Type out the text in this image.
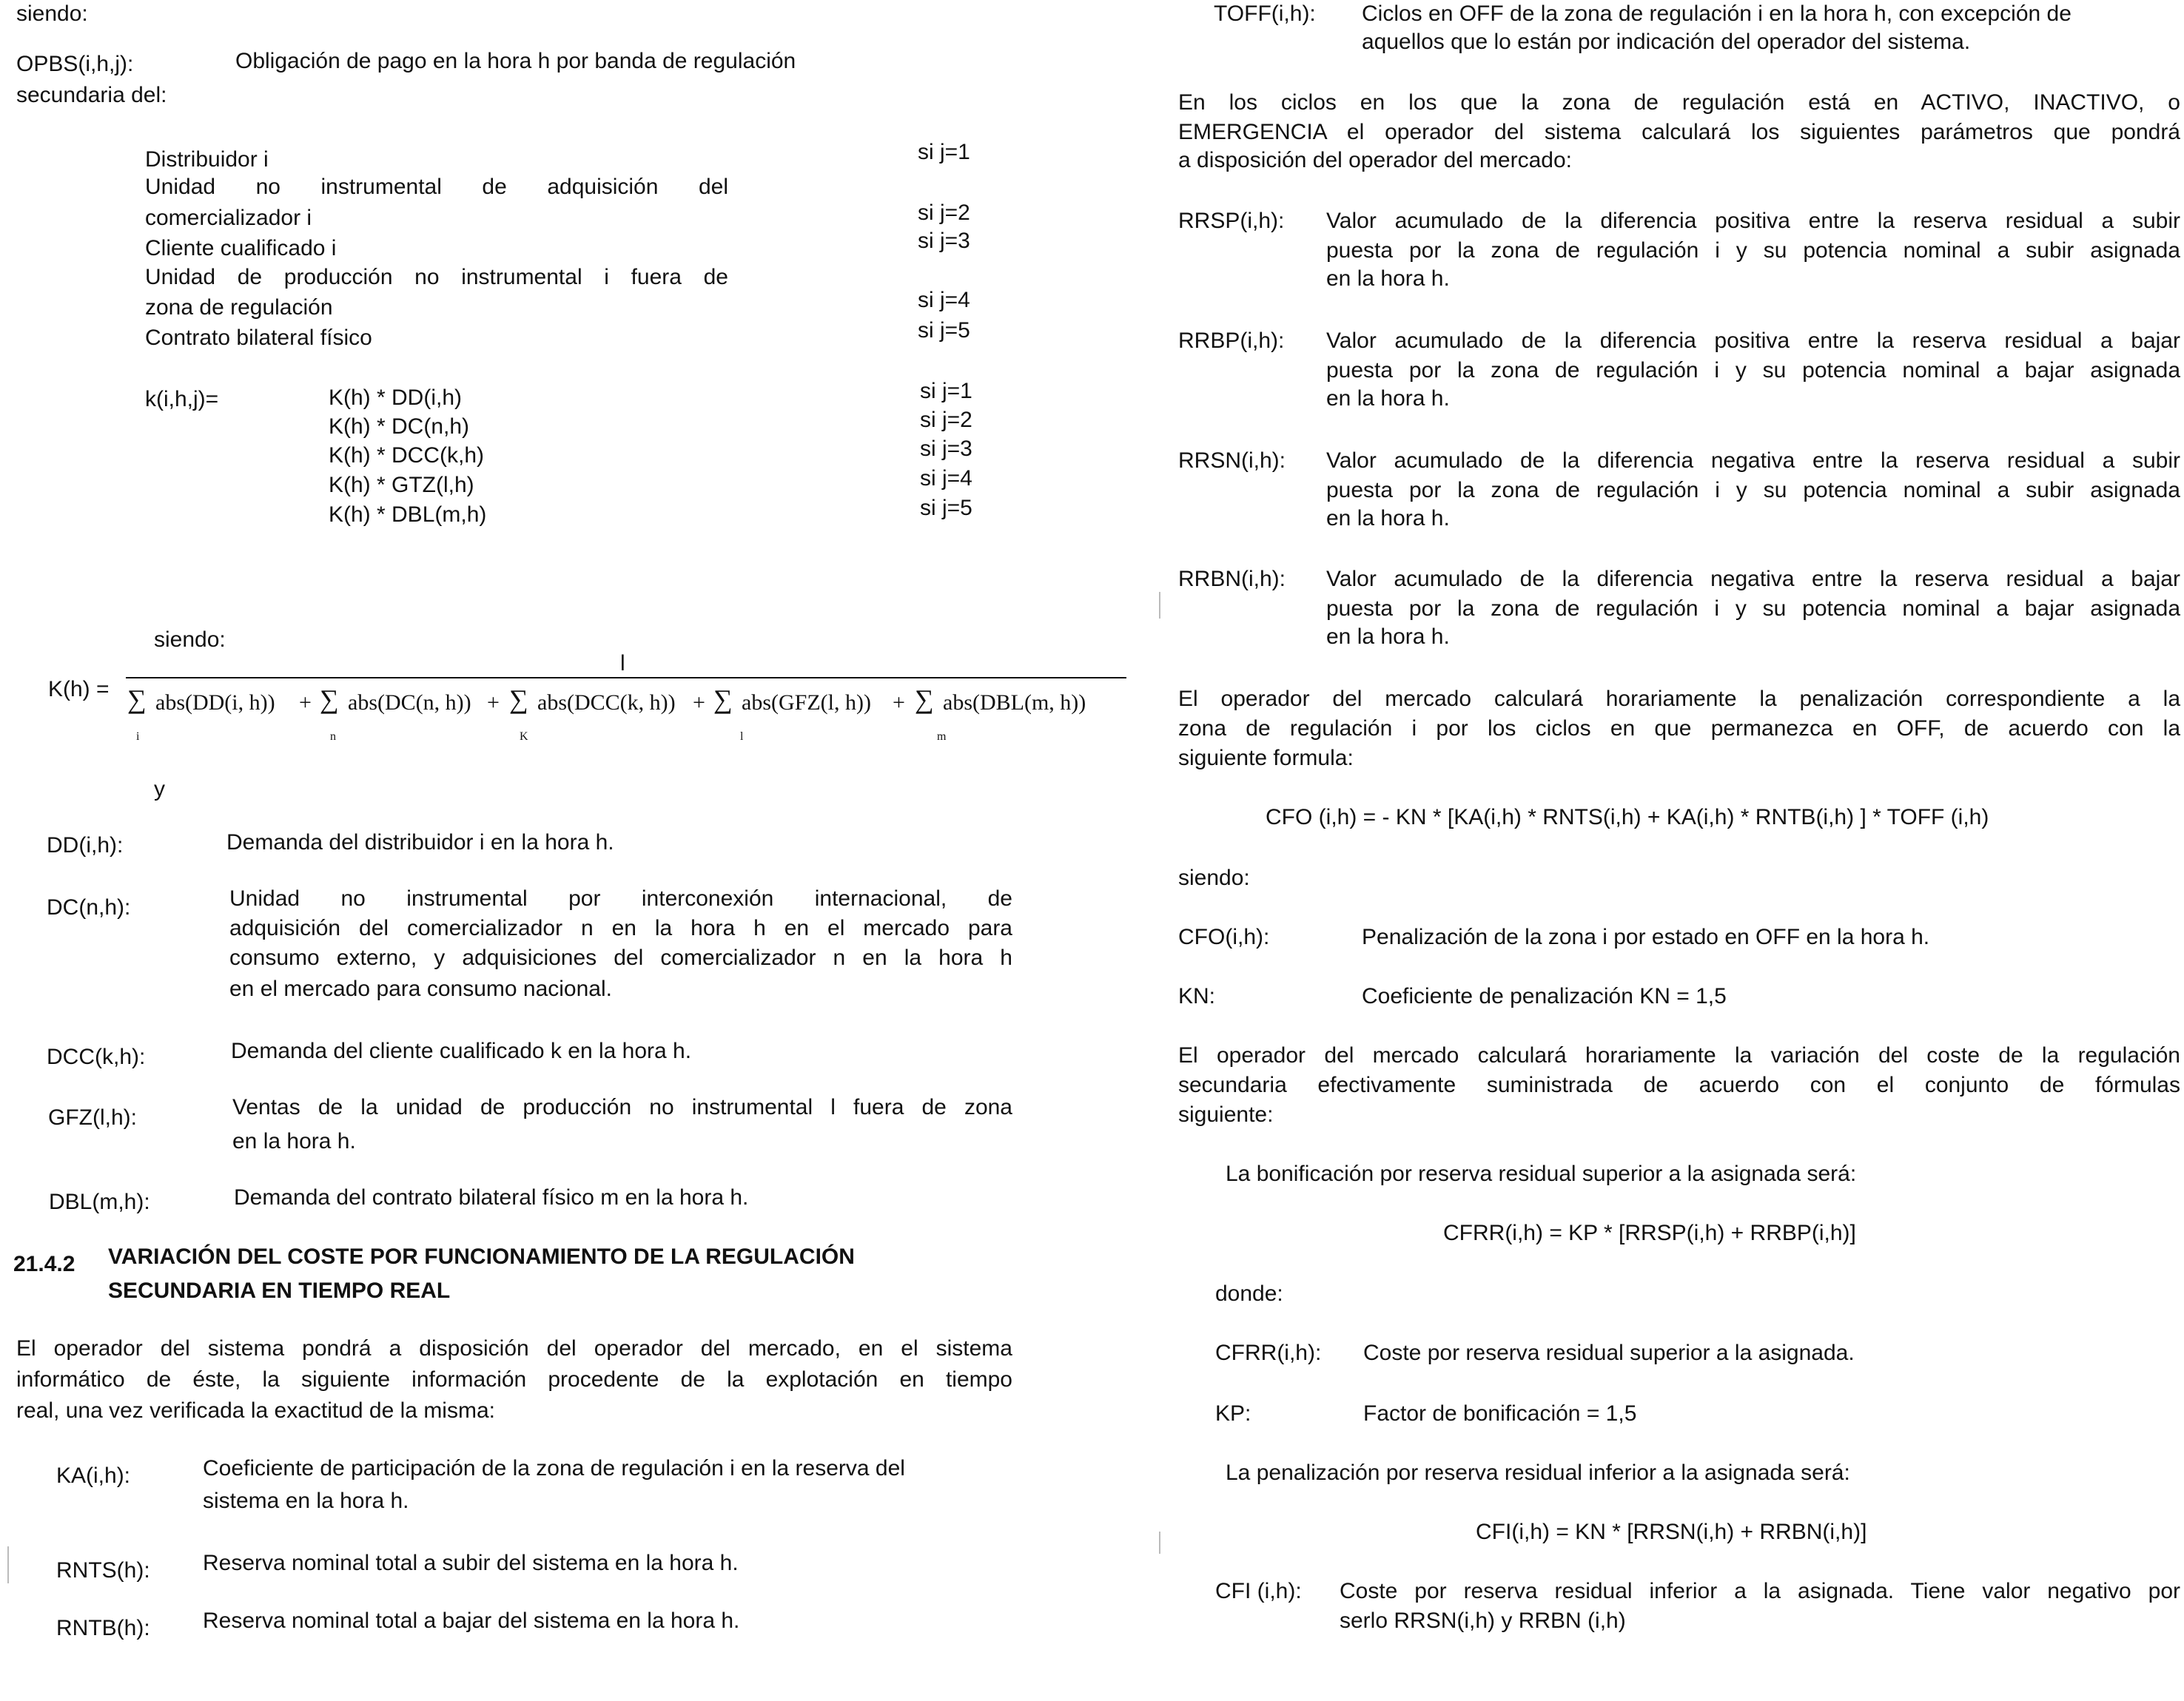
siendo:
OPBS(i,h,j):	Obligación de pago en la hora h por banda de regulación
secundaria del:
Distribuidor i	si j=1
Unidad no instrumental de adquisición del
comercializador i	si j=2
Cliente cualificado i	si j=3
Unidad de producción no instrumental i fuera de
zona de regulación	si j=4
Contrato bilateral físico	si j=5
k(i,h,j)=	K(h) * DD(i,h)	si j=1
K(h) * DC(n,h)	si j=2
K(h) * DCC(k,h)	si j=3
K(h) * GTZ(l,h)	si j=4
K(h) * DBL(m,h)	si j=5
siendo:
K(h) =
l
∑ abs(DD(i, h)) +
i
∑ abs(DC(n, h)) +
n
∑ abs(DCC(k, h)) +
K
∑ abs(GFZ(l, h)) +
l
∑ abs(DBL(m, h))
m
y
DD(i,h):	Demanda del distribuidor i en la hora h.
DC(n,h):	Unidad no instrumental por interconexión internacional, de
adquisición del comercializador n en la hora h en el mercado para
consumo externo, y adquisiciones del comercializador n en la hora h
en el mercado para consumo nacional.
DCC(k,h):	Demanda del cliente cualificado k en la hora h.
GFZ(l,h):	Ventas de la unidad de producción no instrumental l fuera de zona
en la hora h.
DBL(m,h):	Demanda del contrato bilateral físico m en la hora h.
21.4.2 VARIACIÓN DEL COSTE POR FUNCIONAMIENTO DE LA REGULACIÓN
SECUNDARIA EN TIEMPO REAL
El operador del sistema pondrá a disposición del operador del mercado, en el sistema
informático de éste, la siguiente información procedente de la explotación en tiempo
real, una vez verificada la exactitud de la misma:
KA(i,h):	Coeficiente de participación de la zona de regulación i en la reserva del
sistema en la hora h.
RNTS(h): Reserva nominal total a subir del sistema en la hora h.
RNTB(h): Reserva nominal total a bajar del sistema en la hora h.
TOFF(i,h): Ciclos en OFF de la zona de regulación i en la hora h, con excepción de
aquellos que lo están por indicación del operador del sistema.
En los ciclos en los que la zona de regulación está en ACTIVO, INACTIVO, o
EMERGENCIA el operador del sistema calculará los siguientes parámetros que pondrá
a disposición del operador del mercado:
RRSP(i,h): Valor acumulado de la diferencia positiva entre la reserva residual a subir
puesta por la zona de regulación i y su potencia nominal a subir asignada
en la hora h.
RRBP(i,h): Valor acumulado de la diferencia positiva entre la reserva residual a bajar
puesta por la zona de regulación i y su potencia nominal a bajar asignada
en la hora h.
RRSN(i,h): Valor acumulado de la diferencia negativa entre la reserva residual a subir
puesta por la zona de regulación i y su potencia nominal a subir asignada
en la hora h.
RRBN(i,h): Valor acumulado de la diferencia negativa entre la reserva residual a bajar
puesta por la zona de regulación i y su potencia nominal a bajar asignada
en la hora h.
El operador del mercado calculará horariamente la penalización correspondiente a la
zona de regulación i por los ciclos en que permanezca en OFF, de acuerdo con la
siguiente formula:
CFO (i,h) = - KN * [KA(i,h) * RNTS(i,h) + KA(i,h) * RNTB(i,h) ] * TOFF (i,h)
siendo:
CFO(i,h):	Penalización de la zona i por estado en OFF en la hora h.
KN:	Coeficiente de penalización KN = 1,5
El operador del mercado calculará horariamente la variación del coste de la regulación
secundaria efectivamente suministrada de acuerdo con el conjunto de fórmulas
siguiente:
La bonificación por reserva residual superior a la asignada será:
CFRR(i,h) = KP * [RRSP(i,h) + RRBP(i,h)]
donde:
CFRR(i,h): Coste por reserva residual superior a la asignada.
KP:	Factor de bonificación = 1,5
La penalización por reserva residual inferior a la asignada será:
CFI(i,h) = KN * [RRSN(i,h) + RRBN(i,h)]
CFI (i,h): Coste por reserva residual inferior a la asignada. Tiene valor negativo por
serlo RRSN(i,h) y RRBN (i,h)
